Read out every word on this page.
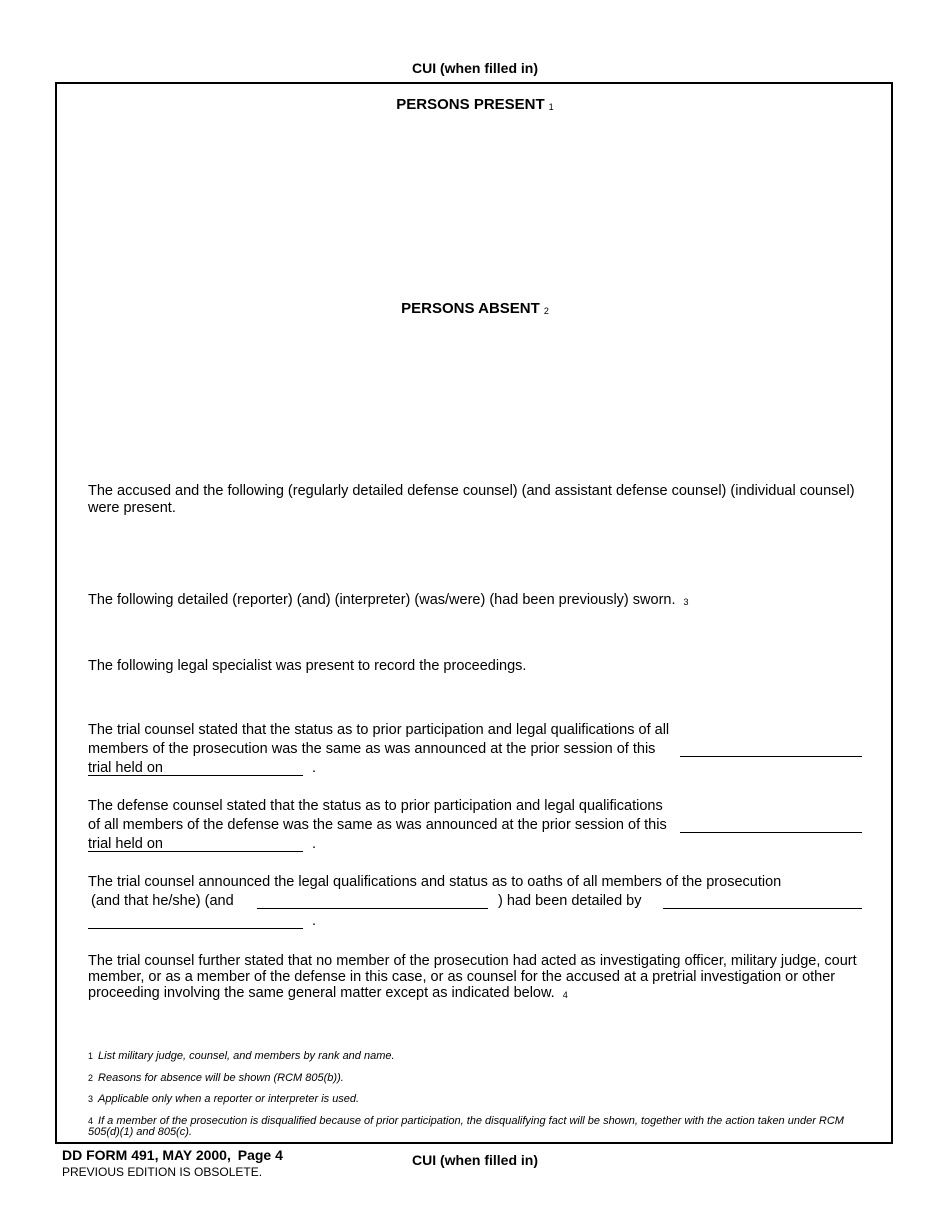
CUI (when filled in)
PERSONS PRESENT 1
PERSONS ABSENT 2
The accused and the following (regularly detailed defense counsel) (and assistant defense counsel) (individual counsel) were present.
The following detailed (reporter) (and) (interpreter) (was/were) (had been previously) sworn. 3
The following legal specialist was present to record the proceedings.
The trial counsel stated that the status as to prior participation and legal qualifications of all members of the prosecution was the same as was announced at the prior session of this trial held on	.
The defense counsel stated that the status as to prior participation and legal qualifications of all members of the defense was the same as was announced at the prior session of this trial held on	.
The trial counsel announced the legal qualifications and status as to oaths of all members of the prosecution
(and that he/she) (and	) had been detailed by
.
The trial counsel further stated that no member of the prosecution had acted as investigating officer, military judge, court member, or as a member of the defense in this case, or as counsel for the accused at a pretrial investigation or other proceeding involving the same general matter except as indicated below. 4
1 List military judge, counsel, and members by rank and name.
2 Reasons for absence will be shown (RCM 805(b)).
3 Applicable only when a reporter or interpreter is used.
4 If a member of the prosecution is disqualified because of prior participation, the disqualifying fact will be shown, together with the action taken under RCM 505(d)(1) and 805(c).
DD FORM 491, MAY 2000, Page 4
PREVIOUS EDITION IS OBSOLETE.
CUI (when filled in)
